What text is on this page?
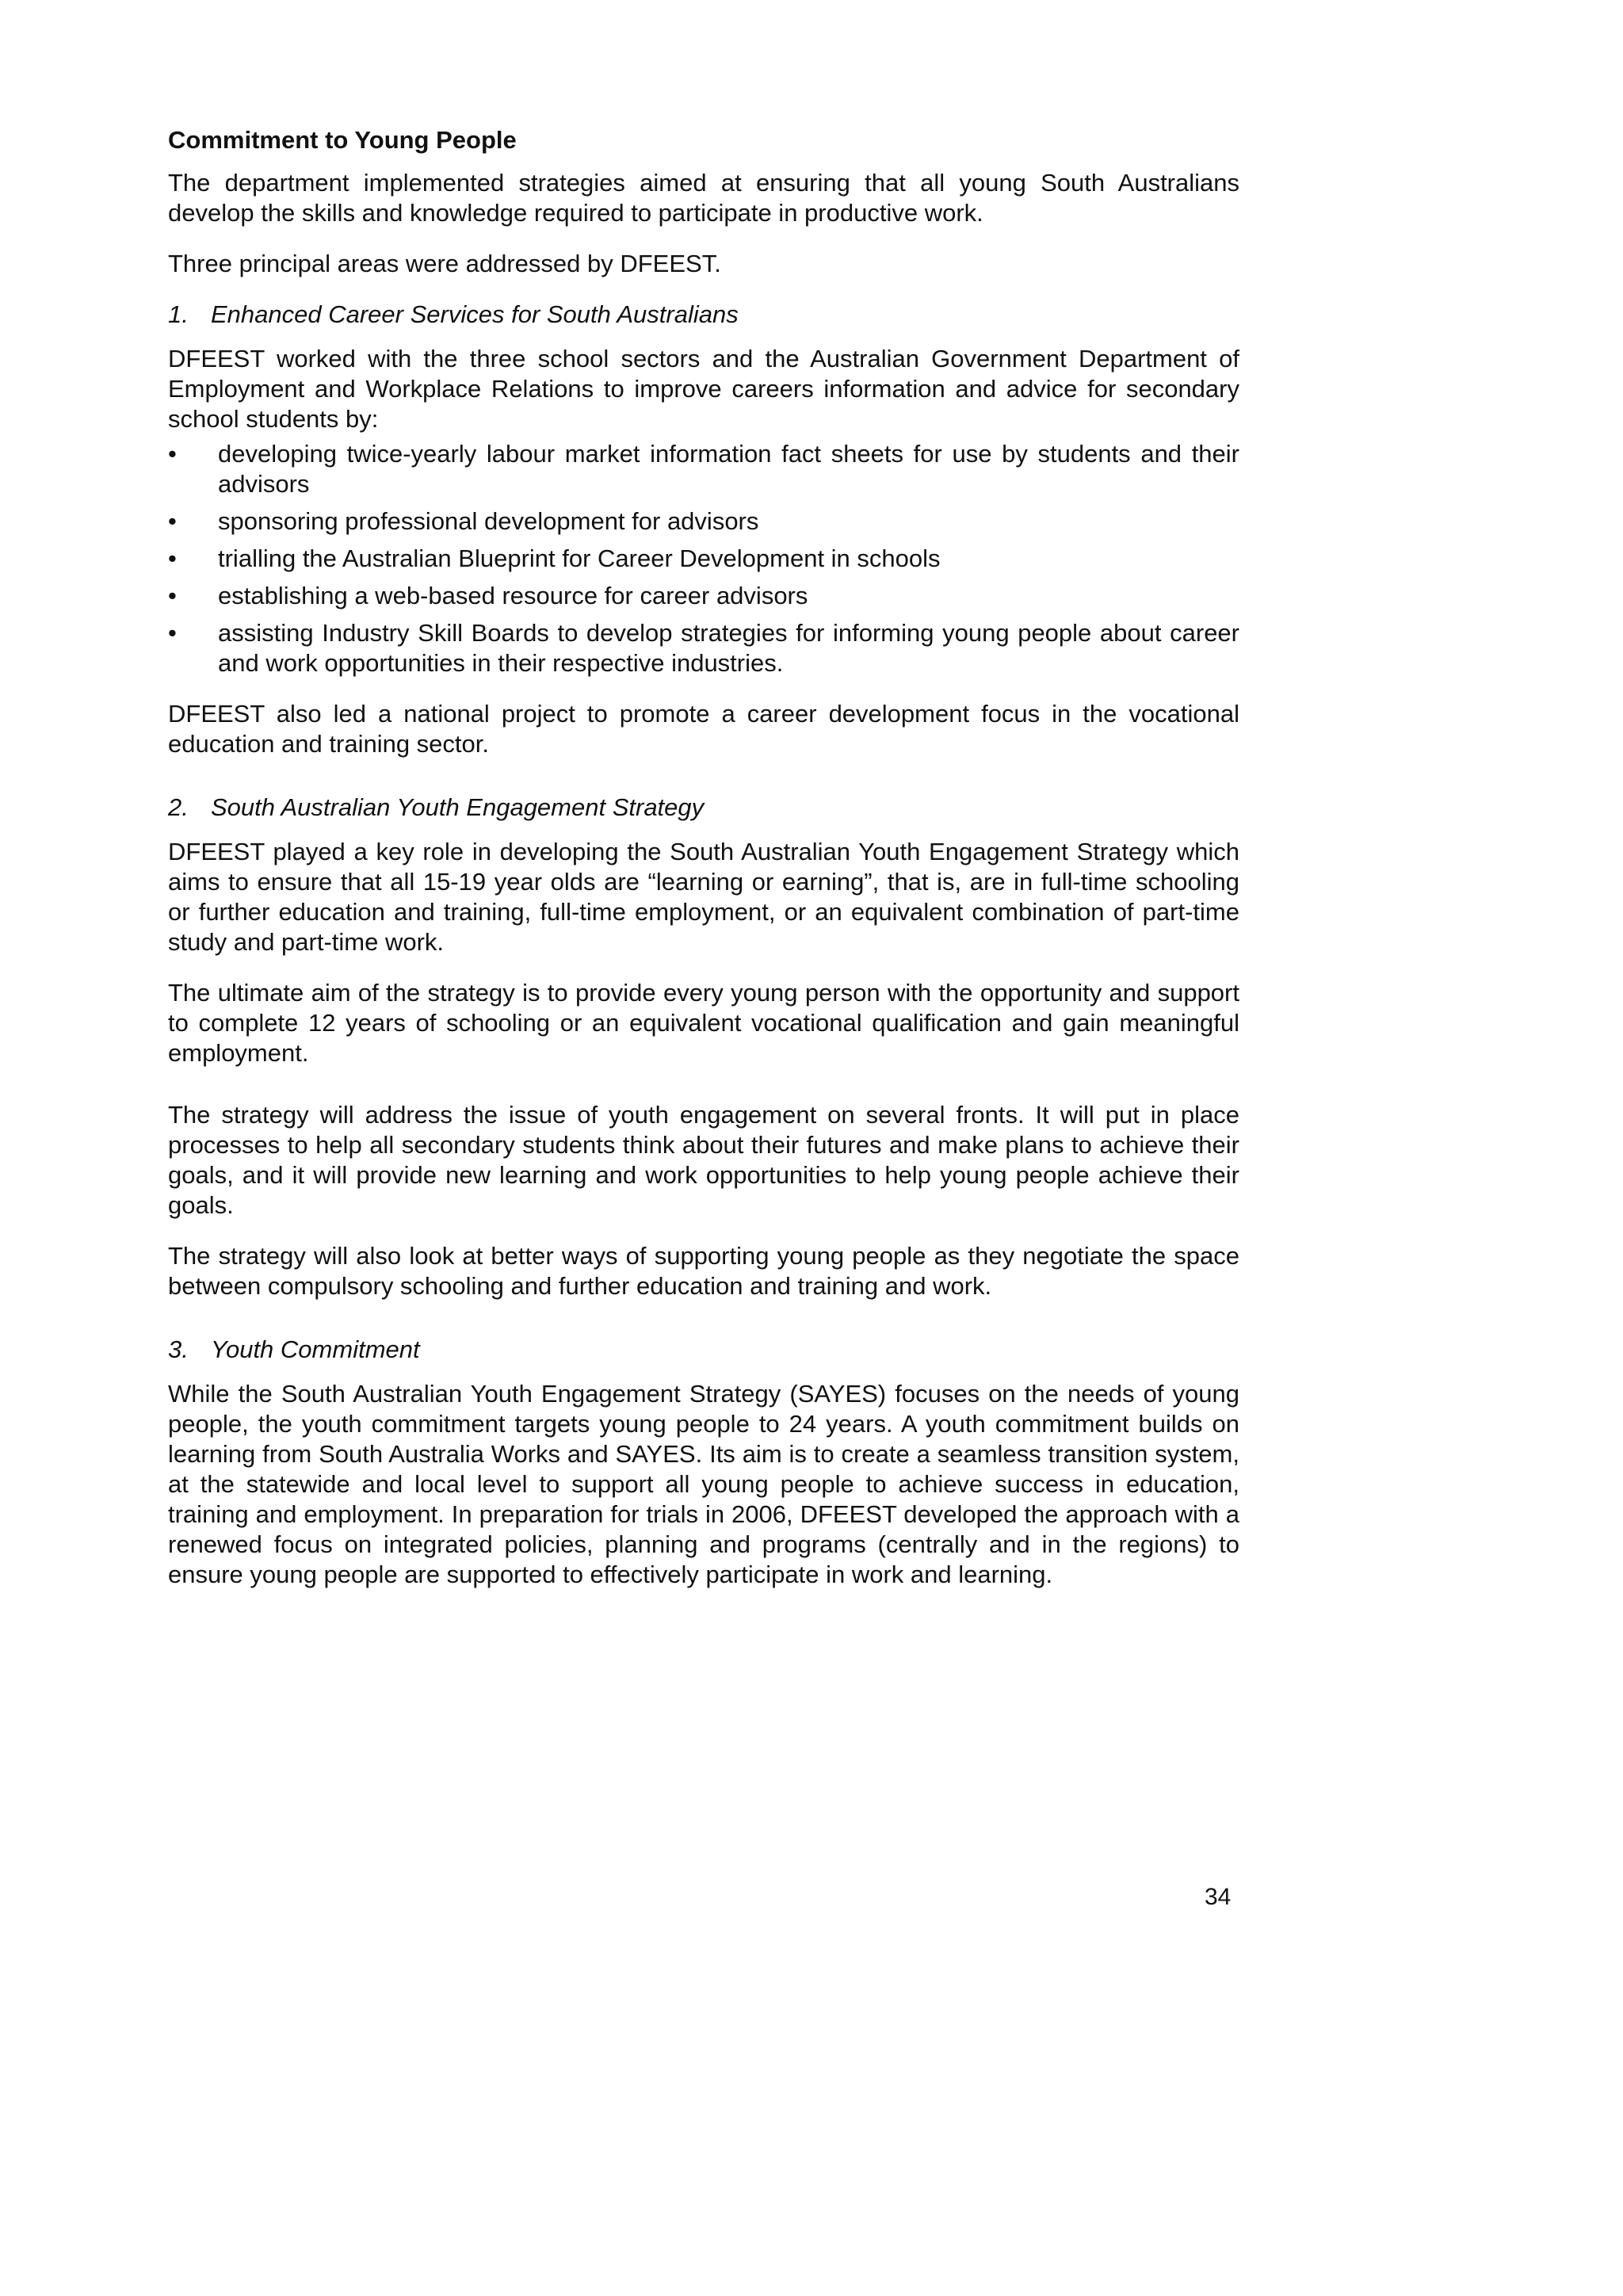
Commitment to Young People

The department implemented strategies aimed at ensuring that all young South Australians develop the skills and knowledge required to participate in productive work.

Three principal areas were addressed by DFEEST.

1. Enhanced Career Services for South Australians

DFEEST worked with the three school sectors and the Australian Government Department of Employment and Workplace Relations to improve careers information and advice for secondary school students by:

• developing twice-yearly labour market information fact sheets for use by students and their advisors
• sponsoring professional development for advisors
• trialling the Australian Blueprint for Career Development in schools
• establishing a web-based resource for career advisors
• assisting Industry Skill Boards to develop strategies for informing young people about career and work opportunities in their respective industries.

DFEEST also led a national project to promote a career development focus in the vocational education and training sector.

2. South Australian Youth Engagement Strategy

DFEEST played a key role in developing the South Australian Youth Engagement Strategy which aims to ensure that all 15-19 year olds are “learning or earning”, that is, are in full-time schooling or further education and training, full-time employment, or an equivalent combination of part-time study and part-time work.

The ultimate aim of the strategy is to provide every young person with the opportunity and support to complete 12 years of schooling or an equivalent vocational qualification and gain meaningful employment.

The strategy will address the issue of youth engagement on several fronts. It will put in place processes to help all secondary students think about their futures and make plans to achieve their goals, and it will provide new learning and work opportunities to help young people achieve their goals.

The strategy will also look at better ways of supporting young people as they negotiate the space between compulsory schooling and further education and training and work.

3. Youth Commitment

While the South Australian Youth Engagement Strategy (SAYES) focuses on the needs of young people, the youth commitment targets young people to 24 years. A youth commitment builds on learning from South Australia Works and SAYES. Its aim is to create a seamless transition system, at the statewide and local level to support all young people to achieve success in education, training and employment. In preparation for trials in 2006, DFEEST developed the approach with a renewed focus on integrated policies, planning and programs (centrally and in the regions) to ensure young people are supported to effectively participate in work and learning.

34
